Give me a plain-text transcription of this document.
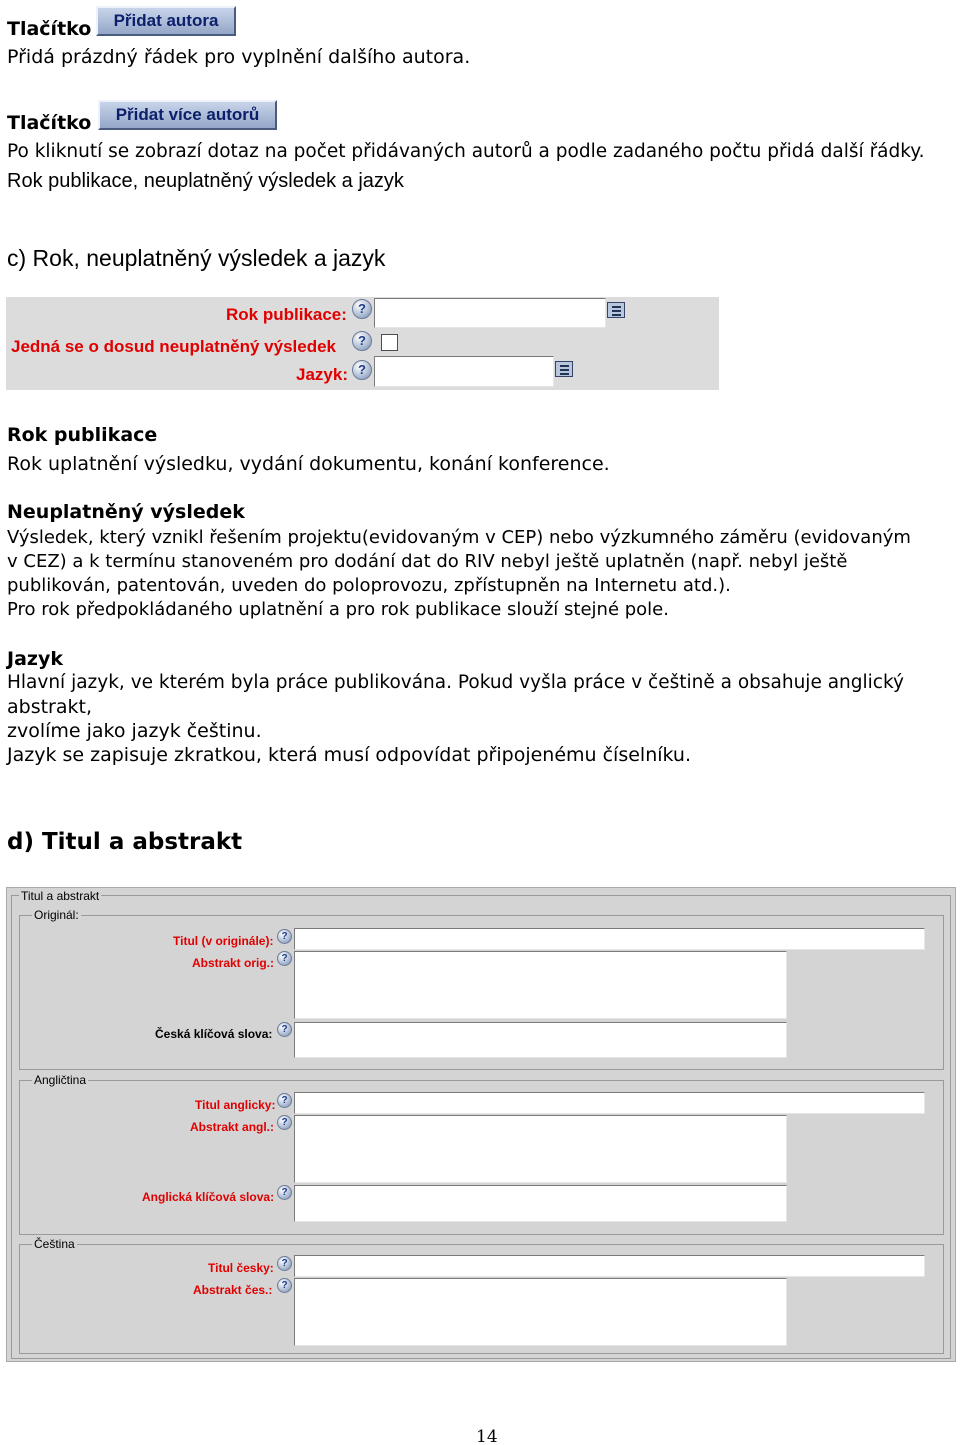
Tlačítko	Přidat autora
Přidá prázdný řádek pro vyplnění dalšího autora.
Tlačítko	Přidat více autorů
Po kliknutí se zobrazí dotaz na počet přidávaných autorů a podle zadaného počtu přidá další řádky.
Rok publikace, neuplatněný výsledek a jazyk
c) Rok, neuplatněný výsledek a jazyk
Rok publikace: ?
Jedná se o dosud neuplatněný výsledek	?
Jazyk: ?
Rok publikace
Rok uplatnění výsledku, vydání dokumentu, konání konference.
Neuplatněný výsledek
Výsledek, který vznikl řešením projektu(evidovaným v CEP) nebo výzkumného záměru (evidovaným
v CEZ) a k termínu stanoveném pro dodání dat do RIV nebyl ještě uplatněn (např. nebyl ještě
publikován, patentován, uveden do poloprovozu, zpřístupněn na Internetu atd.).
Pro rok předpokládaného uplatnění a pro rok publikace slouží stejné pole.
Jazyk
Hlavní jazyk, ve kterém byla práce publikována. Pokud vyšla práce v češtině a obsahuje anglický
abstrakt,
zvolíme jako jazyk češtinu.
Jazyk se zapisuje zkratkou, která musí odpovídat připojenému číselníku.
d) Titul a abstrakt
Titul a abstrakt
Originál:
Titul (v originále): ?
Abstrakt orig.: ?
Česká klíčová slova: ?
Angličtina
Titul anglicky: ?
Abstrakt angl.: ?
Anglická klíčová slova: ?
Čeština
Titul česky: ?
Abstrakt čes.: ?
14
